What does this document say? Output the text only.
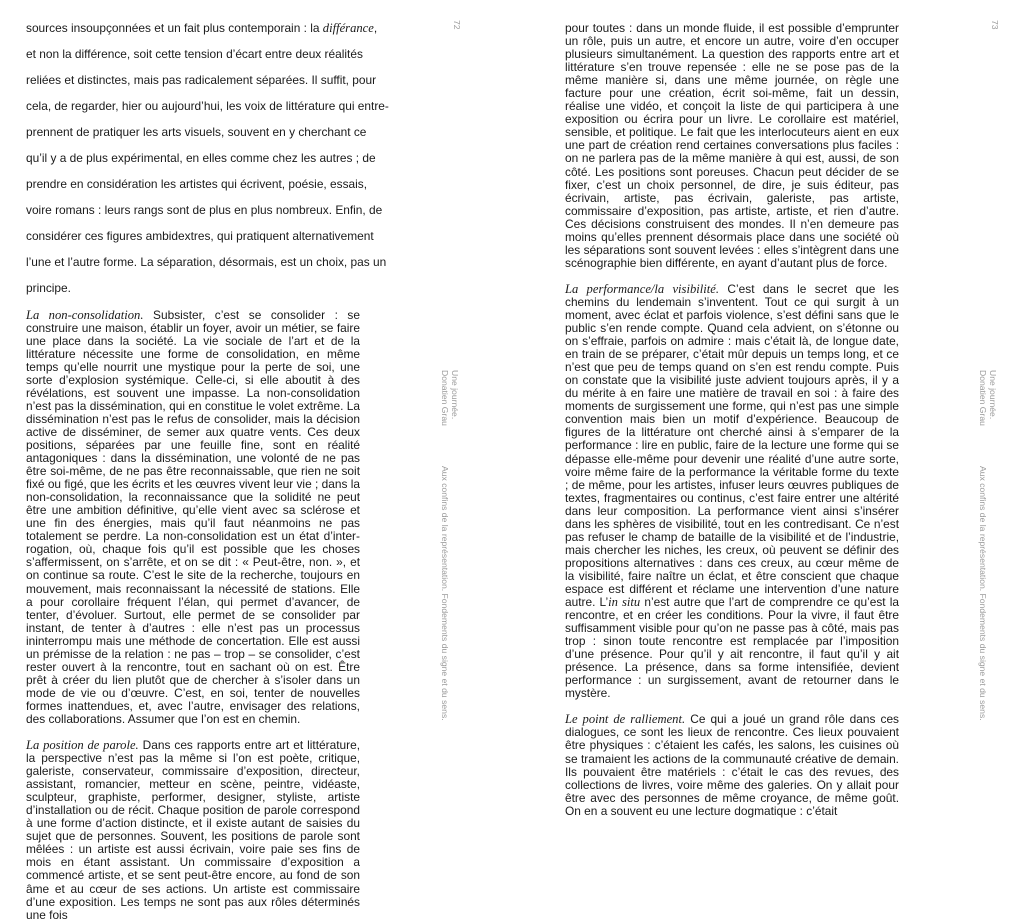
sources insoupçonnées et un fait plus contemporain : la différance,

et non la différence, soit cette tension d’écart entre deux réalités

reliées et distinctes, mais pas radicalement séparées. Il suffit, pour

cela, de regarder, hier ou aujourd’hui, les voix de littérature qui entre-

prennent de pratiquer les arts visuels, souvent en y cherchant ce

qu’il y a de plus expérimental, en elles comme chez les autres ; de

prendre en considération les artistes qui écrivent, poésie, essais,

voire romans : leurs rangs sont de plus en plus nombreux. Enfin, de

considérer ces figures ambidextres, qui pratiquent alternativement

l’une et l’autre forme. La séparation, désormais, est un choix, pas un

principe.

La non-consolidation. Subsister, c’est se consolider : se construire une maison, établir un foyer, avoir un métier, se faire une place dans la société. La vie sociale de l’art et de la littérature nécessite une forme de consolidation, en même temps qu’elle nourrit une mystique pour la perte de soi, une sorte d’explosion systémique. Celle-ci, si elle aboutit à des révélations, est souvent une impasse. La non-consolidation n’est pas la dissémination, qui en constitue le volet extrême. La dissémination n’est pas le refus de consolider, mais la décision active de disséminer, de semer aux quatre vents. Ces deux positions, séparées par une feuille fine, sont en réalité antagoniques : dans la dissémination, une volonté de ne pas être soi-même, de ne pas être reconnaissable, que rien ne soit fixé ou figé, que les écrits et les œuvres vivent leur vie ; dans la non-consolidation, la reconnaissance que la solidité ne peut être une ambition définitive, qu’elle vient avec sa sclérose et une fin des énergies, mais qu’il faut néanmoins ne pas totalement se perdre. La non-consolidation est un état d’interrogation, où, chaque fois qu’il est possible que les choses s’affermissent, on s’arrête, et on se dit : « Peut-être, non. », et on continue sa route. C’est le site de la recherche, toujours en mouvement, mais reconnaissant la nécessité de stations. Elle a pour corollaire fréquent l’élan, qui permet d’avancer, de tenter, d’évoluer. Surtout, elle permet de se consolider par instant, de tenter à d’autres : elle n’est pas un processus ininterrompu mais une méthode de concertation. Elle est aussi un prémisse de la relation : ne pas – trop – se consolider, c’est rester ouvert à la rencontre, tout en sachant où on est. Être prêt à créer du lien plutôt que de chercher à s’isoler dans un mode de vie ou d’œuvre. C’est, en soi, tenter de nouvelles formes inattendues, et, avec l’autre, envisager des relations, des collaborations. Assumer que l’on est en chemin.

La position de parole. Dans ces rapports entre art et littérature, la perspective n’est pas la même si l’on est poète, critique, galeriste, conservateur, commissaire d’exposition, directeur, assistant, romancier, metteur en scène, peintre, vidéaste, sculpteur, graphiste, performer, designer, styliste, artiste d’installation ou de récit. Chaque position de parole correspond à une forme d’action distincte, et il existe autant de saisies du sujet que de personnes. Souvent, les positions de parole sont mêlées : un artiste est aussi écrivain, voire paie ses fins de mois en étant assistant. Un commissaire d’exposition a commencé artiste, et se sent peut-être encore, au fond de son âme et au cœur de ses actions. Un artiste est commissaire d’une exposition. Les temps ne sont pas aux rôles déterminés une fois

72
Une journée.
Donatien Grau
Aux confins de la représentation. Fondements du signe et du sens.

pour toutes : dans un monde fluide, il est possible d’emprunter un rôle, puis un autre, et encore un autre, voire d’en occuper plusieurs simultanément. La question des rapports entre art et littérature s’en trouve repensée : elle ne se pose pas de la même manière si, dans une même journée, on règle une facture pour une création, écrit soi-même, fait un dessin, réalise une vidéo, et conçoit la liste de qui participera à une exposition ou écrira pour un livre. Le corollaire est matériel, sensible, et politique. Le fait que les interlocuteurs aient en eux une part de création rend certaines conversations plus faciles : on ne parlera pas de la même manière à qui est, aussi, de son côté. Les positions sont poreuses. Chacun peut décider de se fixer, c’est un choix personnel, de dire, je suis éditeur, pas écrivain, artiste, pas écrivain, galeriste, pas artiste, commissaire d’exposition, pas artiste, artiste, et rien d’autre. Ces décisions construisent des mondes. Il n’en demeure pas moins qu’elles prennent désormais place dans une société où les séparations sont souvent levées : elles s’intègrent dans une scénographie bien différente, en ayant d’autant plus de force.

La performance/la visibilité. C’est dans le secret que les chemins du lendemain s’inventent. Tout ce qui surgit à un moment, avec éclat et parfois violence, s’est défini sans que le public s’en rende compte. Quand cela advient, on s’étonne ou on s’effraie, parfois on admire : mais c’était là, de longue date, en train de se préparer, c’était mûr depuis un temps long, et ce n’est que peu de temps quand on s’en est rendu compte. Puis on constate que la visibilité juste advient toujours après, il y a du mérite à en faire une matière de travail en soi : à faire des moments de surgissement une forme, qui n’est pas une simple convention mais bien un motif d’expérience. Beaucoup de figures de la littérature ont cherché ainsi à s’emparer de la performance : lire en public, faire de la lecture une forme qui se dépasse elle-même pour devenir une réalité d’une autre sorte, voire même faire de la performance la véritable forme du texte ; de même, pour les artistes, infuser leurs œuvres publiques de textes, fragmentaires ou continus, c’est faire entrer une altérité dans leur composition. La performance vient ainsi s’insérer dans les sphères de visibilité, tout en les contredisant. Ce n’est pas refuser le champ de bataille de la visibilité et de l’industrie, mais chercher les niches, les creux, où peuvent se définir des propositions alternatives : dans ces creux, au cœur même de la visibilité, faire naître un éclat, et être conscient que chaque espace est différent et réclame une intervention d’une nature autre. L’in situ n’est autre que l’art de comprendre ce qu’est la rencontre, et en créer les conditions. Pour la vivre, il faut être suffisamment visible pour qu’on ne passe pas à côté, mais pas trop : sinon toute rencontre est remplacée par l’imposition d’une présence. Pour qu’il y ait rencontre, il faut qu’il y ait présence. La présence, dans sa forme intensifiée, devient performance : un surgissement, avant de retourner dans le mystère.

Le point de ralliement. Ce qui a joué un grand rôle dans ces dialogues, ce sont les lieux de rencontre. Ces lieux pouvaient être physiques : c’étaient les cafés, les salons, les cuisines où se tramaient les actions de la communauté créative de demain. Ils pouvaient être matériels : c’était le cas des revues, des collections de livres, voire même des galeries. On y allait pour être avec des personnes de même croyance, de même goût. On en a souvent eu une lecture dogmatique : c’était

73
Une journée.
Donatien Grau
Aux confins de la représentation. Fondements du signe et du sens.
